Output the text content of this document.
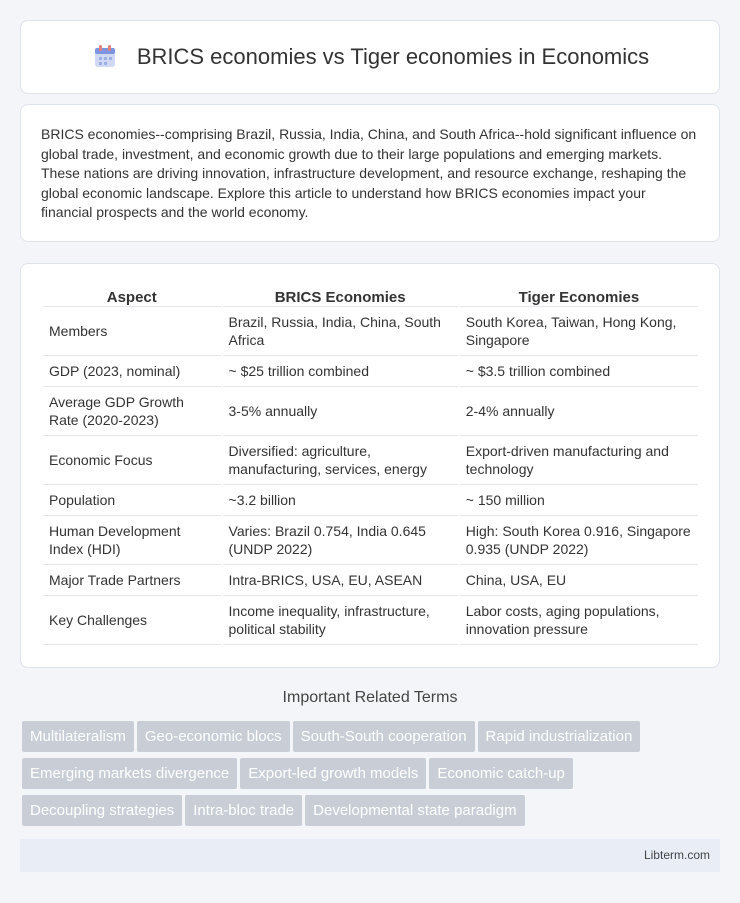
BRICS economies vs Tiger economies in Economics

BRICS economies--comprising Brazil, Russia, India, China, and South Africa--hold significant influence on global trade, investment, and economic growth due to their large populations and emerging markets. These nations are driving innovation, infrastructure development, and resource exchange, reshaping the global economic landscape. Explore this article to understand how BRICS economies impact your financial prospects and the world economy.

Aspect	BRICS Economies	Tiger Economies
Members	Brazil, Russia, India, China, South Africa	South Korea, Taiwan, Hong Kong, Singapore
GDP (2023, nominal)	~ $25 trillion combined	~ $3.5 trillion combined
Average GDP Growth Rate (2020-2023)	3-5% annually	2-4% annually
Economic Focus	Diversified: agriculture, manufacturing, services, energy	Export-driven manufacturing and technology
Population	~3.2 billion	~ 150 million
Human Development Index (HDI)	Varies: Brazil 0.754, India 0.645 (UNDP 2022)	High: South Korea 0.916, Singapore 0.935 (UNDP 2022)
Major Trade Partners	Intra-BRICS, USA, EU, ASEAN	China, USA, EU
Key Challenges	Income inequality, infrastructure, political stability	Labor costs, aging populations, innovation pressure
Important Related Terms
Multilateralism Geo-economic blocs South-South cooperation Rapid industrialization
Emerging markets divergence Export-led growth models Economic catch-up
Decoupling strategies Intra-bloc trade Developmental state paradigm
Libterm.com
